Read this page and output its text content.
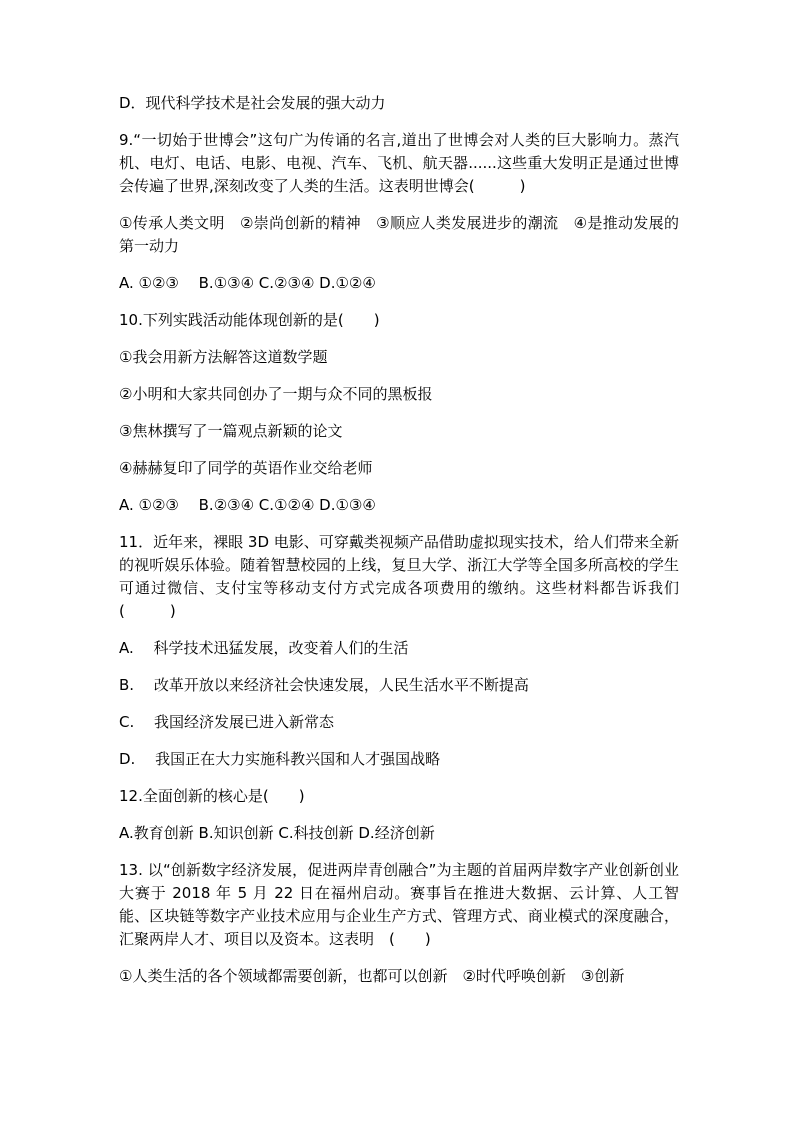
D．现代科学技术是社会发展的强大动力

9.“一切始于世博会”这句广为传诵的名言,道出了世博会对人类的巨大影响力。蒸汽机、电灯、电话、电影、电视、汽车、飞机、航天器......这些重大发明正是通过世博会传遍了世界,深刻改变了人类的生活。这表明世博会(　　　)

①传承人类文明　②崇尚创新的精神　③顺应人类发展进步的潮流　④是推动发展的第一动力

A. ①②③　 B.①③④ C.②③④ D.①②④

10.下列实践活动能体现创新的是(　　)

①我会用新方法解答这道数学题

②小明和大家共同创办了一期与众不同的黑板报

③焦林撰写了一篇观点新颖的论文

④赫赫复印了同学的英语作业交给老师

A. ①②③　 B.②③④ C.①②④ D.①③④

11．近年来，裸眼 3D 电影、可穿戴类视频产品借助虚拟现实技术，给人们带来全新的视听娱乐体验。随着智慧校园的上线，复旦大学、浙江大学等全国多所高校的学生可通过微信、支付宝等移动支付方式完成各项费用的缴纳。这些材料都告诉我们(　　　)

A.　 科学技术迅猛发展，改变着人们的生活

B.　 改革开放以来经济社会快速发展，人民生活水平不断提高

C.　 我国经济发展已进入新常态

D.　 我国正在大力实施科教兴国和人才强国战略

12.全面创新的核心是(　　)

A.教育创新 B.知识创新 C.科技创新 D.经济创新

13. 以“创新数字经济发展，促进两岸青创融合”为主题的首届两岸数字产业创新创业大赛于 2018 年 5 月 22 日在福州启动。赛事旨在推进大数据、云计算、人工智能、区块链等数字产业技术应用与企业生产方式、管理方式、商业模式的深度融合，汇聚两岸人才、项目以及资本。这表明　(　　)

①人类生活的各个领域都需要创新，也都可以创新　②时代呼唤创新　③创新
